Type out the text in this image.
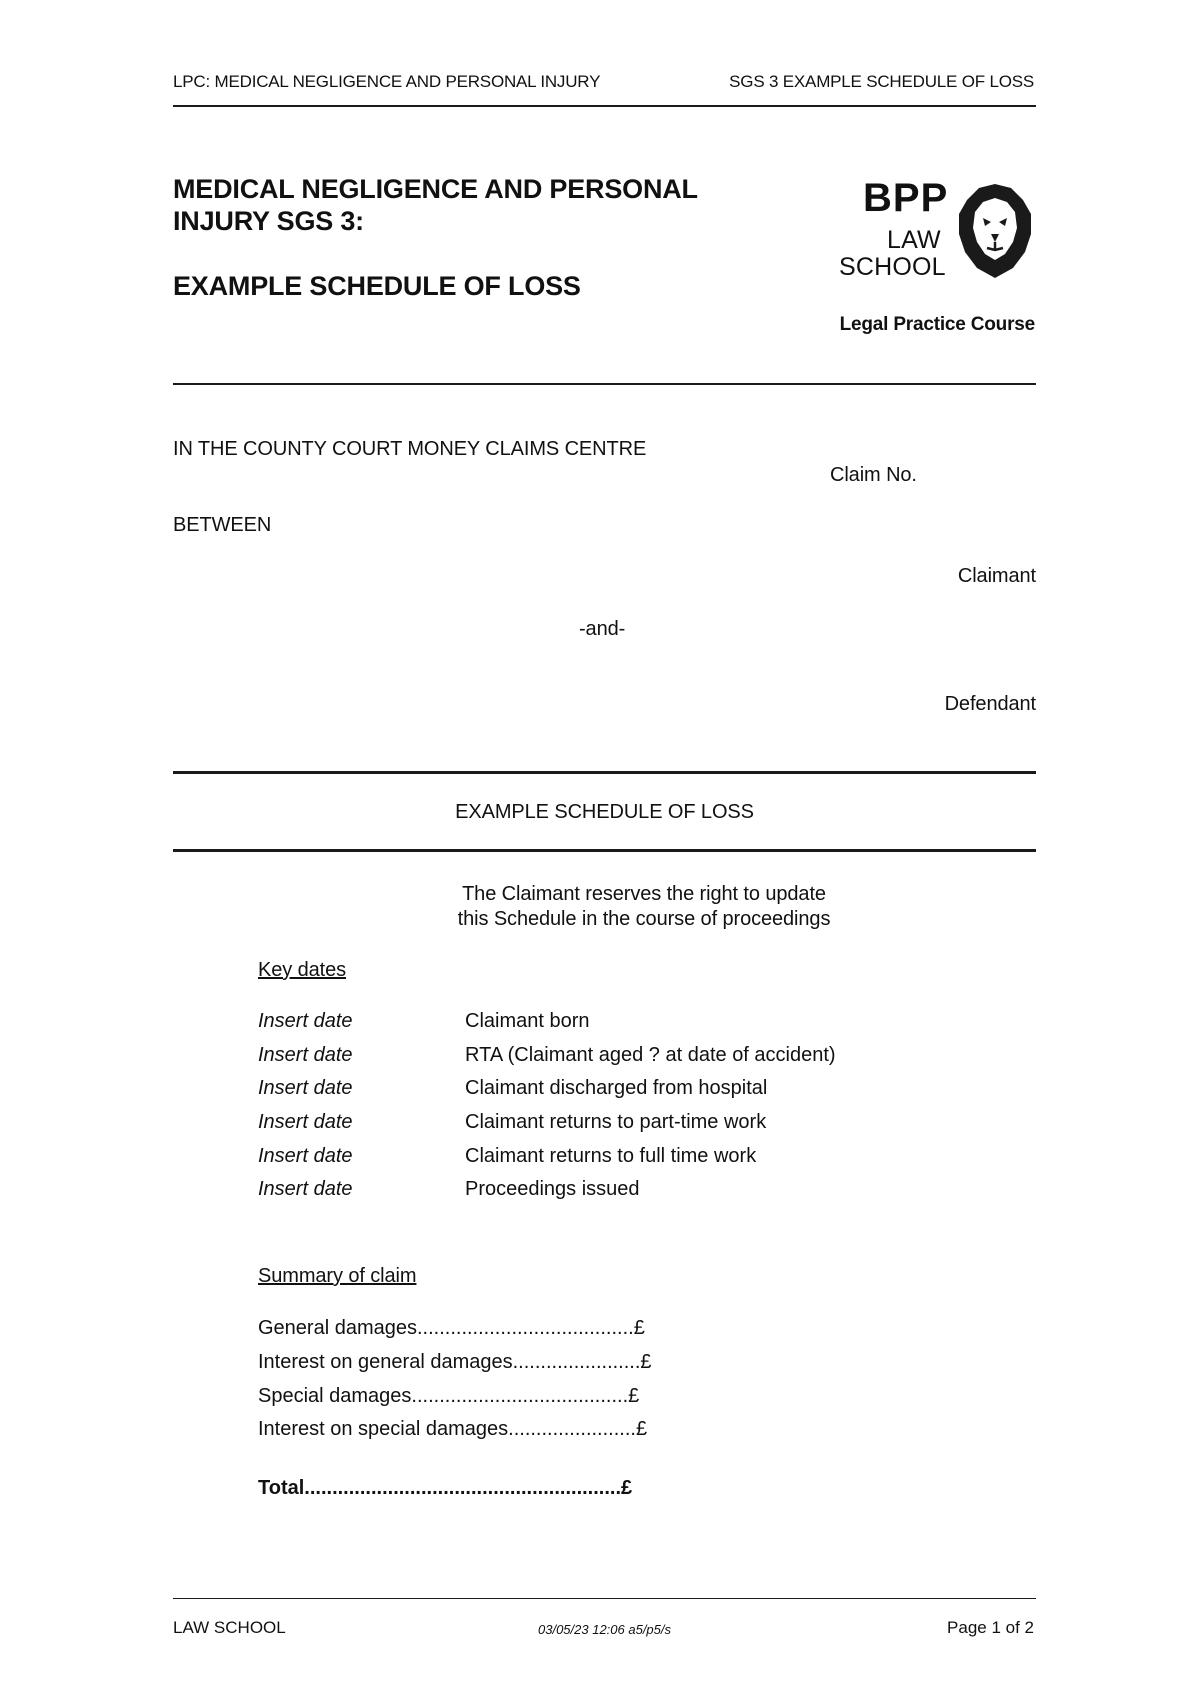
LPC: MEDICAL NEGLIGENCE AND PERSONAL INJURY	SGS 3 EXAMPLE SCHEDULE OF LOSS
MEDICAL NEGLIGENCE AND PERSONAL
INJURY SGS 3:
EXAMPLE SCHEDULE OF LOSS
BPP
LAW
SCHOOL
Legal Practice Course
IN THE COUNTY COURT MONEY CLAIMS CENTRE
Claim No.
BETWEEN
Claimant
-and-
Defendant
EXAMPLE SCHEDULE OF LOSS
The Claimant reserves the right to update
this Schedule in the course of proceedings
Key dates
Insert date	Claimant born
Insert date	RTA (Claimant aged ? at date of accident)
Insert date	Claimant discharged from hospital
Insert date	Claimant returns to part-time work
Insert date	Claimant returns to full time work
Insert date	Proceedings issued
Summary of claim
General damages.......................................£
Interest on general damages.......................£
Special damages.......................................£
Interest on special damages.......................£
Total.........................................................£
LAW SCHOOL	03/05/23 12:06 a5/p5/s	Page 1 of 2
